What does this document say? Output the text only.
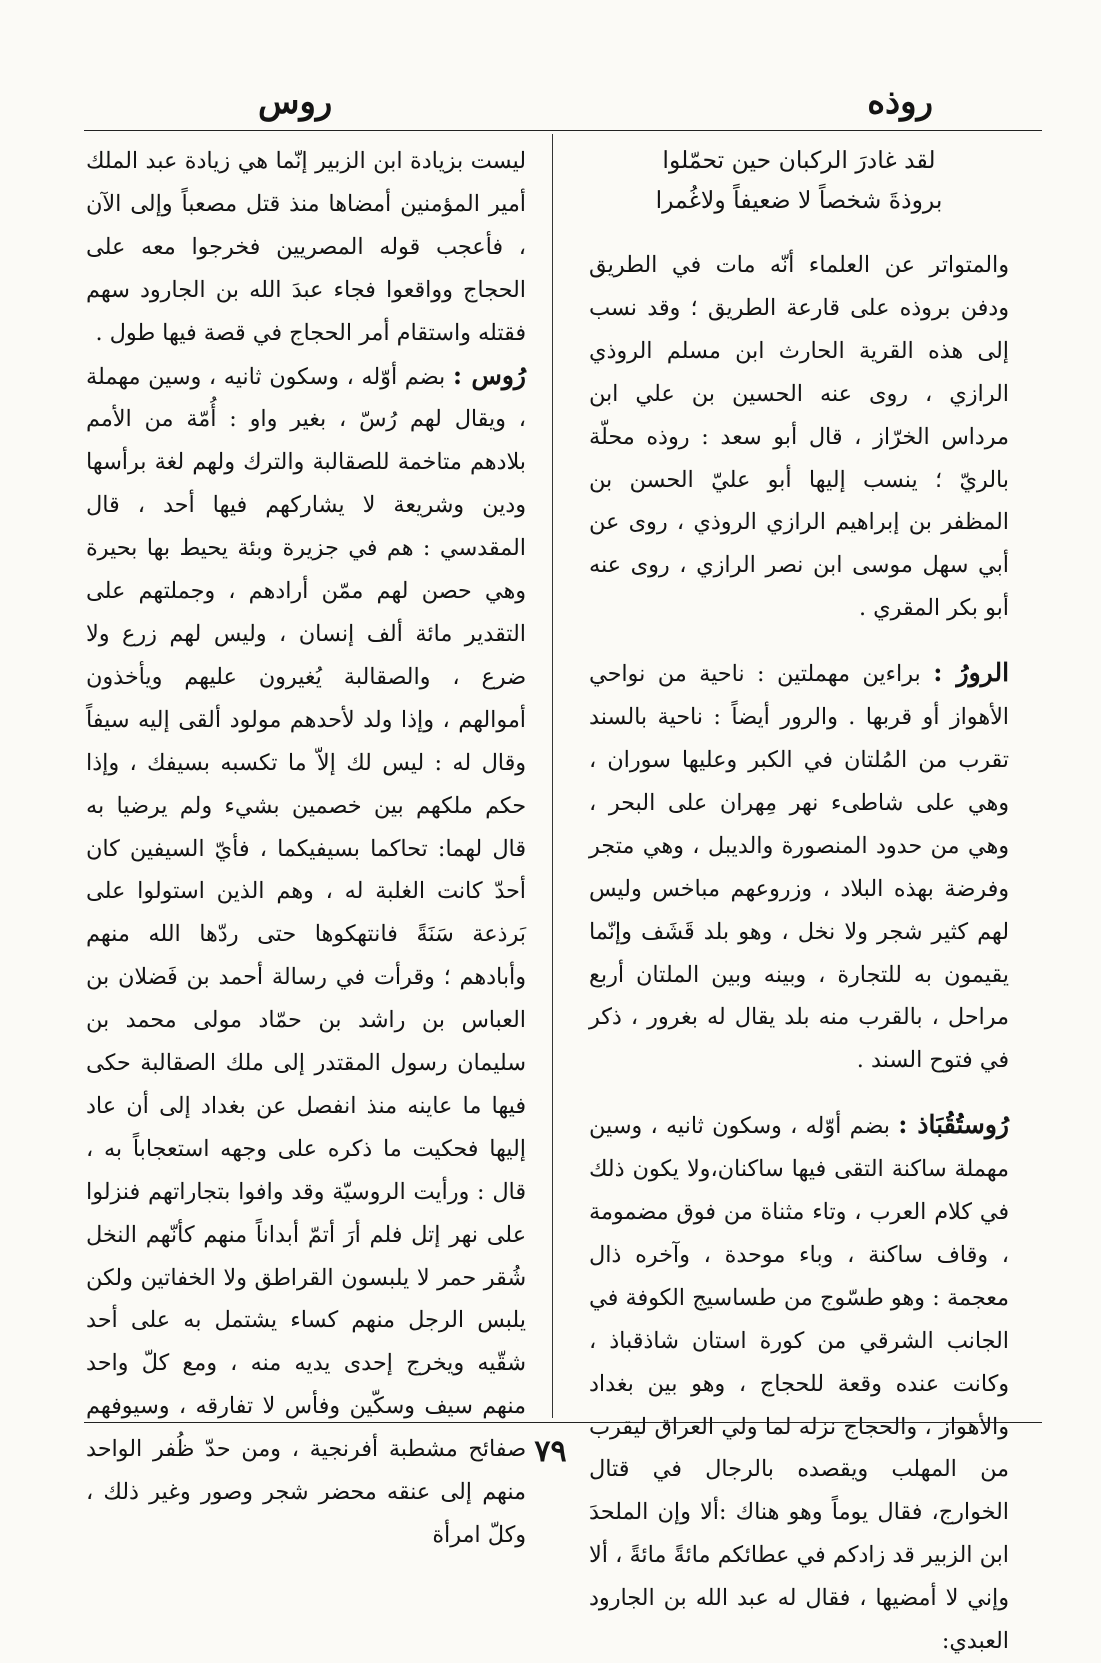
روذه
روس

لقد غادرَ الركبان حين تحمّلوا
بروذةَ شخصاً لا ضعيفاً ولاغُمرا

والمتواتر عن العلماء أنّه مات في الطريق ودفن بروذه على قارعة الطريق ؛ وقد نسب إلى هذه القرية الحارث ابن مسلم الروذي الرازي ، روى عنه الحسين بن علي ابن مرداس الخرّاز ، قال أبو سعد : روذه محلّة بالريّ ؛ ينسب إليها أبو عليّ الحسن بن المظفر بن إبراهيم الرازي الروذي ، روى عن أبي سهل موسى ابن نصر الرازي ، روى عنه أبو بكر المقري .

الرورُ : براءين مهملتين : ناحية من نواحي الأهواز أو قربها . والرور أيضاً : ناحية بالسند تقرب من المُلتان في الكبر وعليها سوران ، وهي على شاطىء نهر مِهران على البحر ، وهي من حدود المنصورة والديبل ، وهي متجر وفرضة بهذه البلاد ، وزروعهم مباخس وليس لهم كثير شجر ولا نخل ، وهو بلد قَشَف وإنّما يقيمون به للتجارة ، وبينه وبين الملتان أربع مراحل ، بالقرب منه بلد يقال له بغرور ، ذكر في فتوح السند .

رُوستُقُبَاذ : بضم أوّله ، وسكون ثانيه ، وسين مهملة ساكنة التقى فيها ساكنان،ولا يكون ذلك في كلام العرب ، وتاء مثناة من فوق مضمومة ، وقاف ساكنة ، وباء موحدة ، وآخره ذال معجمة : وهو طسّوج من طساسيج الكوفة في الجانب الشرقي من كورة استان شاذقباذ ، وكانت عنده وقعة للحجاج ، وهو بين بغداد والأهواز ، والحجاج نزله لما ولي العراق ليقرب من المهلب ويقصده بالرجال في قتال الخوارج، فقال يوماً وهو هناك :ألا وإن الملحدَ ابن الزبير قد زادكم في عطائكم مائةً مائةً ، ألا وإني لا أمضيها ، فقال له عبد الله بن الجارود العبدي:

ليست بزيادة ابن الزبير إنّما هي زيادة عبد الملك أمير المؤمنين أمضاها منذ قتل مصعباً وإلى الآن ، فأعجب قوله المصريين فخرجوا معه على الحجاج وواقعوا فجاء عبدَ الله بن الجارود سهم فقتله واستقام أمر الحجاج في قصة فيها طول .

رُوس : بضم أوّله ، وسكون ثانيه ، وسين مهملة ، ويقال لهم رُسّ ، بغير واو : أُمّة من الأمم بلادهم متاخمة للصقالبة والترك ولهم لغة برأسها ودين وشريعة لا يشاركهم فيها أحد ، قال المقدسي : هم في جزيرة وبئة يحيط بها بحيرة وهي حصن لهم ممّن أرادهم ، وجملتهم على التقدير مائة ألف إنسان ، وليس لهم زرع ولا ضرع ، والصقالبة يُغيرون عليهم ويأخذون أموالهم ، وإذا ولد لأحدهم مولود ألقى إليه سيفاً وقال له : ليس لك إلاّ ما تكسبه بسيفك ، وإذا حكم ملكهم بين خصمين بشيء ولم يرضيا به قال لهما: تحاكما بسيفيكما ، فأيّ السيفين كان أحدّ كانت الغلبة له ، وهم الذين استولوا على بَرذعة سَنَةً فانتهكوها حتى ردّها الله منهم وأبادهم ؛ وقرأت في رسالة أحمد بن فَضلان بن العباس بن راشد بن حمّاد مولى محمد بن سليمان رسول المقتدر إلى ملك الصقالبة حكى فيها ما عاينه منذ انفصل عن بغداد إلى أن عاد إليها فحكيت ما ذكره على وجهه استعجاباً به ، قال : ورأيت الروسيّة وقد وافوا بتجاراتهم فنزلوا على نهر إتل فلم أرَ أتمّ أبداناً منهم كأنّهم النخل شُقر حمر لا يلبسون القراطق ولا الخفاتين ولكن يلبس الرجل منهم كساء يشتمل به على أحد شقّيه ويخرج إحدى يديه منه ، ومع كلّ واحد منهم سيف وسكّين وفأس لا تفارقه ، وسيوفهم صفائح مشطبة أفرنجية ، ومن حدّ ظُفر الواحد منهم إلى عنقه محضر شجر وصور وغير ذلك ، وكلّ امرأة

٧٩
